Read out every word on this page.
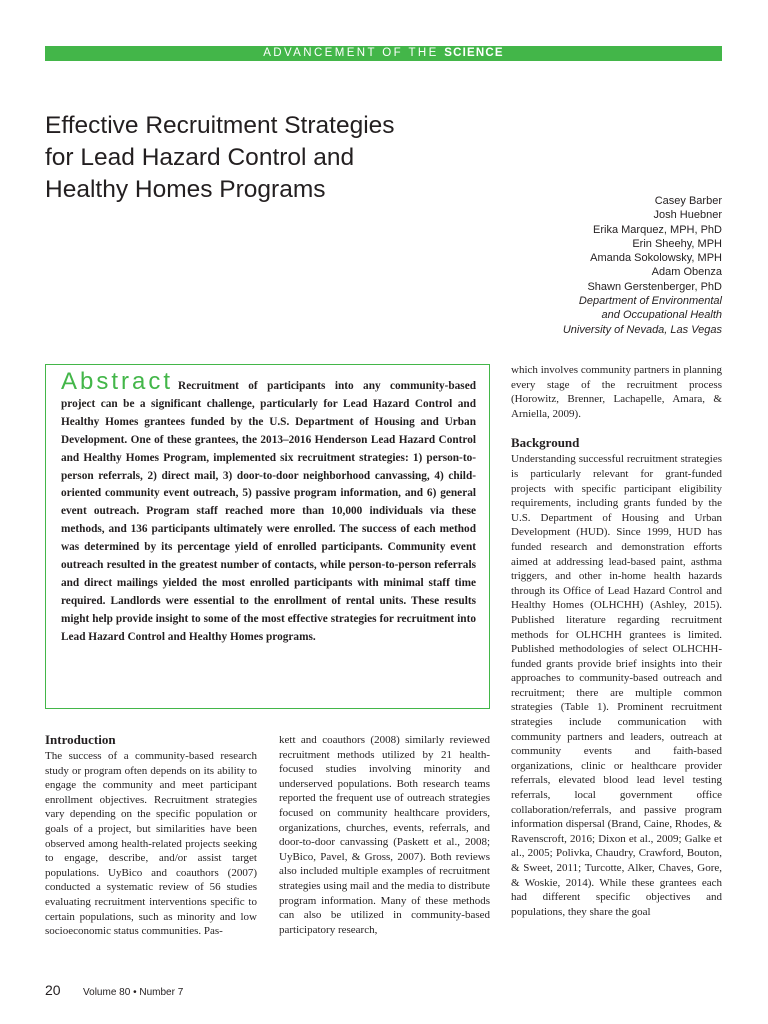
ADVANCEMENT OF THE SCIENCE
Effective Recruitment Strategies
for Lead Hazard Control and
Healthy Homes Programs	Casey Barber
Josh Huebner
Erika Marquez, MPH, PhD
Erin Sheehy, MPH
Amanda Sokolowsky, MPH
Adam Obenza
Shawn Gerstenberger, PhD
Department of Environmental
and Occupational Health
University of Nevada, Las Vegas

Abstract Recruitment of participants into any community-based project can be a significant challenge, particularly for Lead Hazard Control and Healthy Homes grantees funded by the U.S. Department of Housing and Urban Development. One of these grantees, the 2013–2016 Henderson Lead Hazard Control and Healthy Homes Program, implemented six recruitment strategies: 1) person-to-person referrals, 2) direct mail, 3) door-to-door neighborhood canvassing, 4) child-oriented community event outreach, 5) passive program information, and 6) general event outreach. Program staff reached more than 10,000 individuals via these methods, and 136 participants ultimately were enrolled. The success of each method was determined by its percentage yield of enrolled participants. Community event outreach resulted in the greatest number of contacts, while person-to-person referrals and direct mailings yielded the most enrolled participants with minimal staff time required. Landlords were essential to the enrollment of rental units. These results might help provide insight to some of the most effective strategies for recruitment into Lead Hazard Control and Healthy Homes programs.

Introduction

The success of a community-based research study or program often depends on its ability to engage the community and meet participant enrollment objectives. Recruitment strategies vary depending on the specific population or goals of a project, but similarities have been observed among health-related projects seeking to engage, describe, and/or assist target populations. UyBico and coauthors (2007) conducted a systematic review of 56 studies evaluating recruitment interventions specific to certain populations, such as minority and low socioeconomic status communities. Pas-

kett and coauthors (2008) similarly reviewed recruitment methods utilized by 21 health-focused studies involving minority and underserved populations. Both research teams reported the frequent use of outreach strategies focused on community healthcare providers, organizations, churches, events, referrals, and door-to-door canvassing (Paskett et al., 2008; UyBico, Pavel, & Gross, 2007). Both reviews also included multiple examples of recruitment strategies using mail and the media to distribute program information. Many of these methods can also be utilized in community-based participatory research,

which involves community partners in planning every stage of the recruitment process (Horowitz, Brenner, Lachapelle, Amara, & Arniella, 2009).

Background

Understanding successful recruitment strategies is particularly relevant for grant-funded projects with specific participant eligibility requirements, including grants funded by the U.S. Department of Housing and Urban Development (HUD). Since 1999, HUD has funded research and demonstration efforts aimed at addressing lead-based paint, asthma triggers, and other in-home health hazards through its Office of Lead Hazard Control and Healthy Homes (OLHCHH) (Ashley, 2015). Published literature regarding recruitment methods for OLHCHH grantees is limited. Published methodologies of select OLHCHH-funded grants provide brief insights into their approaches to community-based outreach and recruitment; there are multiple common strategies (Table 1). Prominent recruitment strategies include communication with community partners and leaders, outreach at community events and faith-based organizations, clinic or healthcare provider referrals, elevated blood lead level testing referrals, local government office collaboration/referrals, and passive program information dispersal (Brand, Caine, Rhodes, & Ravenscroft, 2016; Dixon et al., 2009; Galke et al., 2005; Polivka, Chaudry, Crawford, Bouton, & Sweet, 2011; Turcotte, Alker, Chaves, Gore, & Woskie, 2014). While these grantees each had different specific objectives and populations, they share the goal

20 Volume 80 • Number 7
